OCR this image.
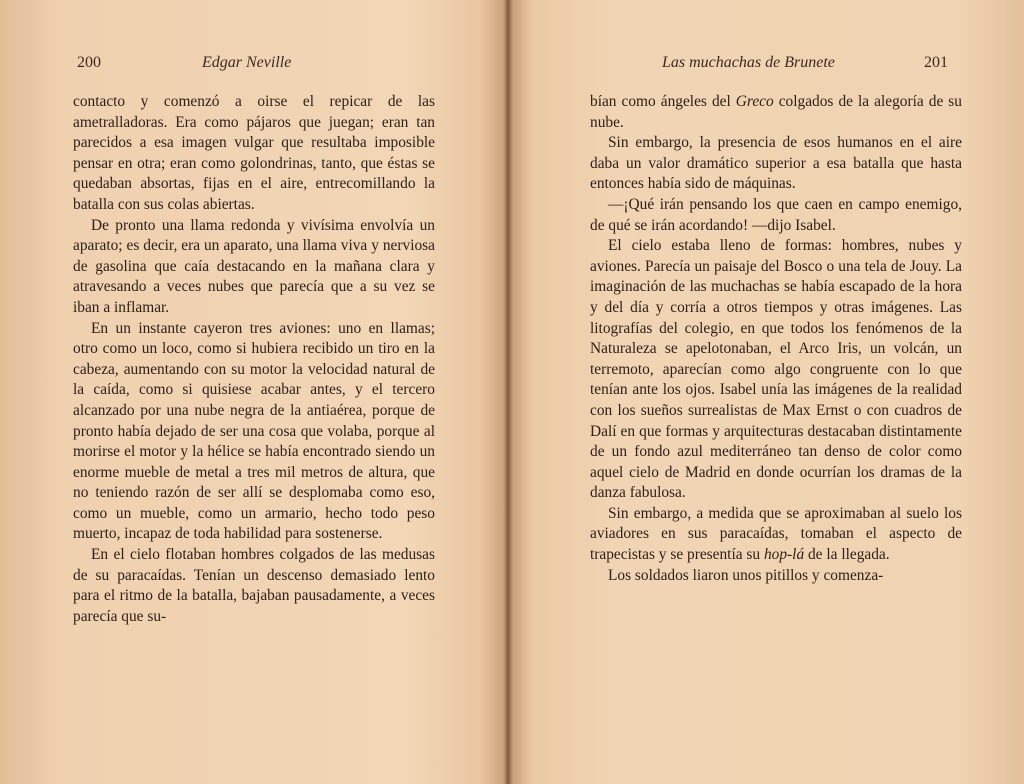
200	Edgar Neville

contacto y comenzó a oirse el repicar de las ametralladoras. Era como pájaros que juegan; eran tan parecidos a esa imagen vulgar que resultaba imposible pensar en otra; eran como golondrinas, tanto, que éstas se quedaban absortas, fijas en el aire, entrecomillando la batalla con sus colas abiertas.

De pronto una llama redonda y vivísima envolvía un aparato; es decir, era un aparato, una llama viva y nerviosa de gasolina que caía destacando en la mañana clara y atravesando a veces nubes que parecía que a su vez se iban a inflamar.

En un instante cayeron tres aviones: uno en llamas; otro como un loco, como si hubiera recibido un tiro en la cabeza, aumentando con su motor la velocidad natural de la caída, como si quisiese acabar antes, y el tercero alcanzado por una nube negra de la antiaérea, porque de pronto había dejado de ser una cosa que volaba, porque al morirse el motor y la hélice se había encontrado siendo un enorme mueble de metal a tres mil metros de altura, que no teniendo razón de ser allí se desplomaba como eso, como un mueble, como un armario, hecho todo peso muerto, incapaz de toda habilidad para sostenerse.

En el cielo flotaban hombres colgados de las medusas de su paracaídas. Tenían un descenso demasiado lento para el ritmo de la batalla, bajaban pausadamente, a veces parecía que su-

Las muchachas de Brunete	201

bían como ángeles del Greco colgados de la alegoría de su nube.

Sin embargo, la presencia de esos humanos en el aire daba un valor dramático superior a esa batalla que hasta entonces había sido de máquinas.

—¡Qué irán pensando los que caen en campo enemigo, de qué se irán acordando! —dijo Isabel.

El cielo estaba lleno de formas: hombres, nubes y aviones. Parecía un paisaje del Bosco o una tela de Jouy. La imaginación de las muchachas se había escapado de la hora y del día y corría a otros tiempos y otras imágenes. Las litografías del colegio, en que todos los fenómenos de la Naturaleza se apelotonaban, el Arco Iris, un volcán, un terremoto, aparecían como algo congruente con lo que tenían ante los ojos. Isabel unía las imágenes de la realidad con los sueños surrealistas de Max Ernst o con cuadros de Dalí en que formas y arquitecturas destacaban distintamente de un fondo azul mediterráneo tan denso de color como aquel cielo de Madrid en donde ocurrían los dramas de la danza fabulosa.

Sin embargo, a medida que se aproximaban al suelo los aviadores en sus paracaídas, tomaban el aspecto de trapecistas y se presentía su hop-lá de la llegada.

Los soldados liaron unos pitillos y comenza-
